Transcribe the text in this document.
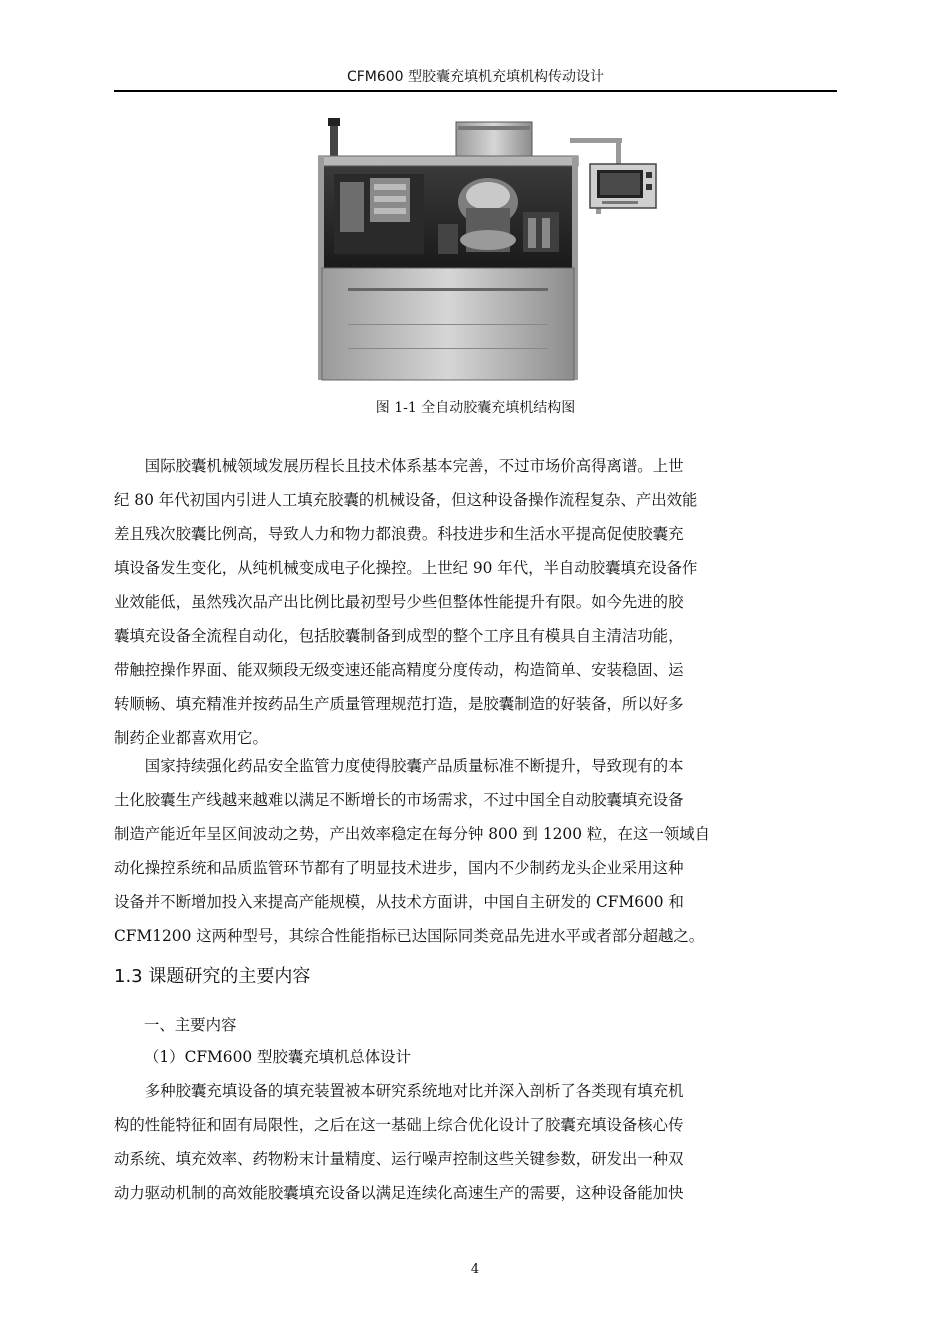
CFM600 型胶囊充填机充填机构传动设计
图 1-1 全自动胶囊充填机结构图

国际胶囊机械领域发展历程长且技术体系基本完善，不过市场价高得离谱。上世
纪 80 年代初国内引进人工填充胶囊的机械设备，但这种设备操作流程复杂、产出效能
差且残次胶囊比例高，导致人力和物力都浪费。科技进步和生活水平提高促使胶囊充
填设备发生变化，从纯机械变成电子化操控。上世纪 90 年代，半自动胶囊填充设备作
业效能低，虽然残次品产出比例比最初型号少些但整体性能提升有限。如今先进的胶
囊填充设备全流程自动化，包括胶囊制备到成型的整个工序且有模具自主清洁功能，
带触控操作界面、能双频段无级变速还能高精度分度传动，构造简单、安装稳固、运
转顺畅、填充精准并按药品生产质量管理规范打造，是胶囊制造的好装备，所以好多
制药企业都喜欢用它。

国家持续强化药品安全监管力度使得胶囊产品质量标准不断提升，导致现有的本
土化胶囊生产线越来越难以满足不断增长的市场需求，不过中国全自动胶囊填充设备
制造产能近年呈区间波动之势，产出效率稳定在每分钟 800 到 1200 粒，在这一领域自
动化操控系统和品质监管环节都有了明显技术进步，国内不少制药龙头企业采用这种
设备并不断增加投入来提高产能规模，从技术方面讲，中国自主研发的 CFM600 和
CFM1200 这两种型号，其综合性能指标已达国际同类竞品先进水平或者部分超越之。

1.3 课题研究的主要内容
一、主要内容
（1）CFM600 型胶囊充填机总体设计

多种胶囊充填设备的填充装置被本研究系统地对比并深入剖析了各类现有填充机
构的性能特征和固有局限性，之后在这一基础上综合优化设计了胶囊充填设备核心传
动系统、填充效率、药物粉末计量精度、运行噪声控制这些关键参数，研发出一种双
动力驱动机制的高效能胶囊填充设备以满足连续化高速生产的需要，这种设备能加快

4
